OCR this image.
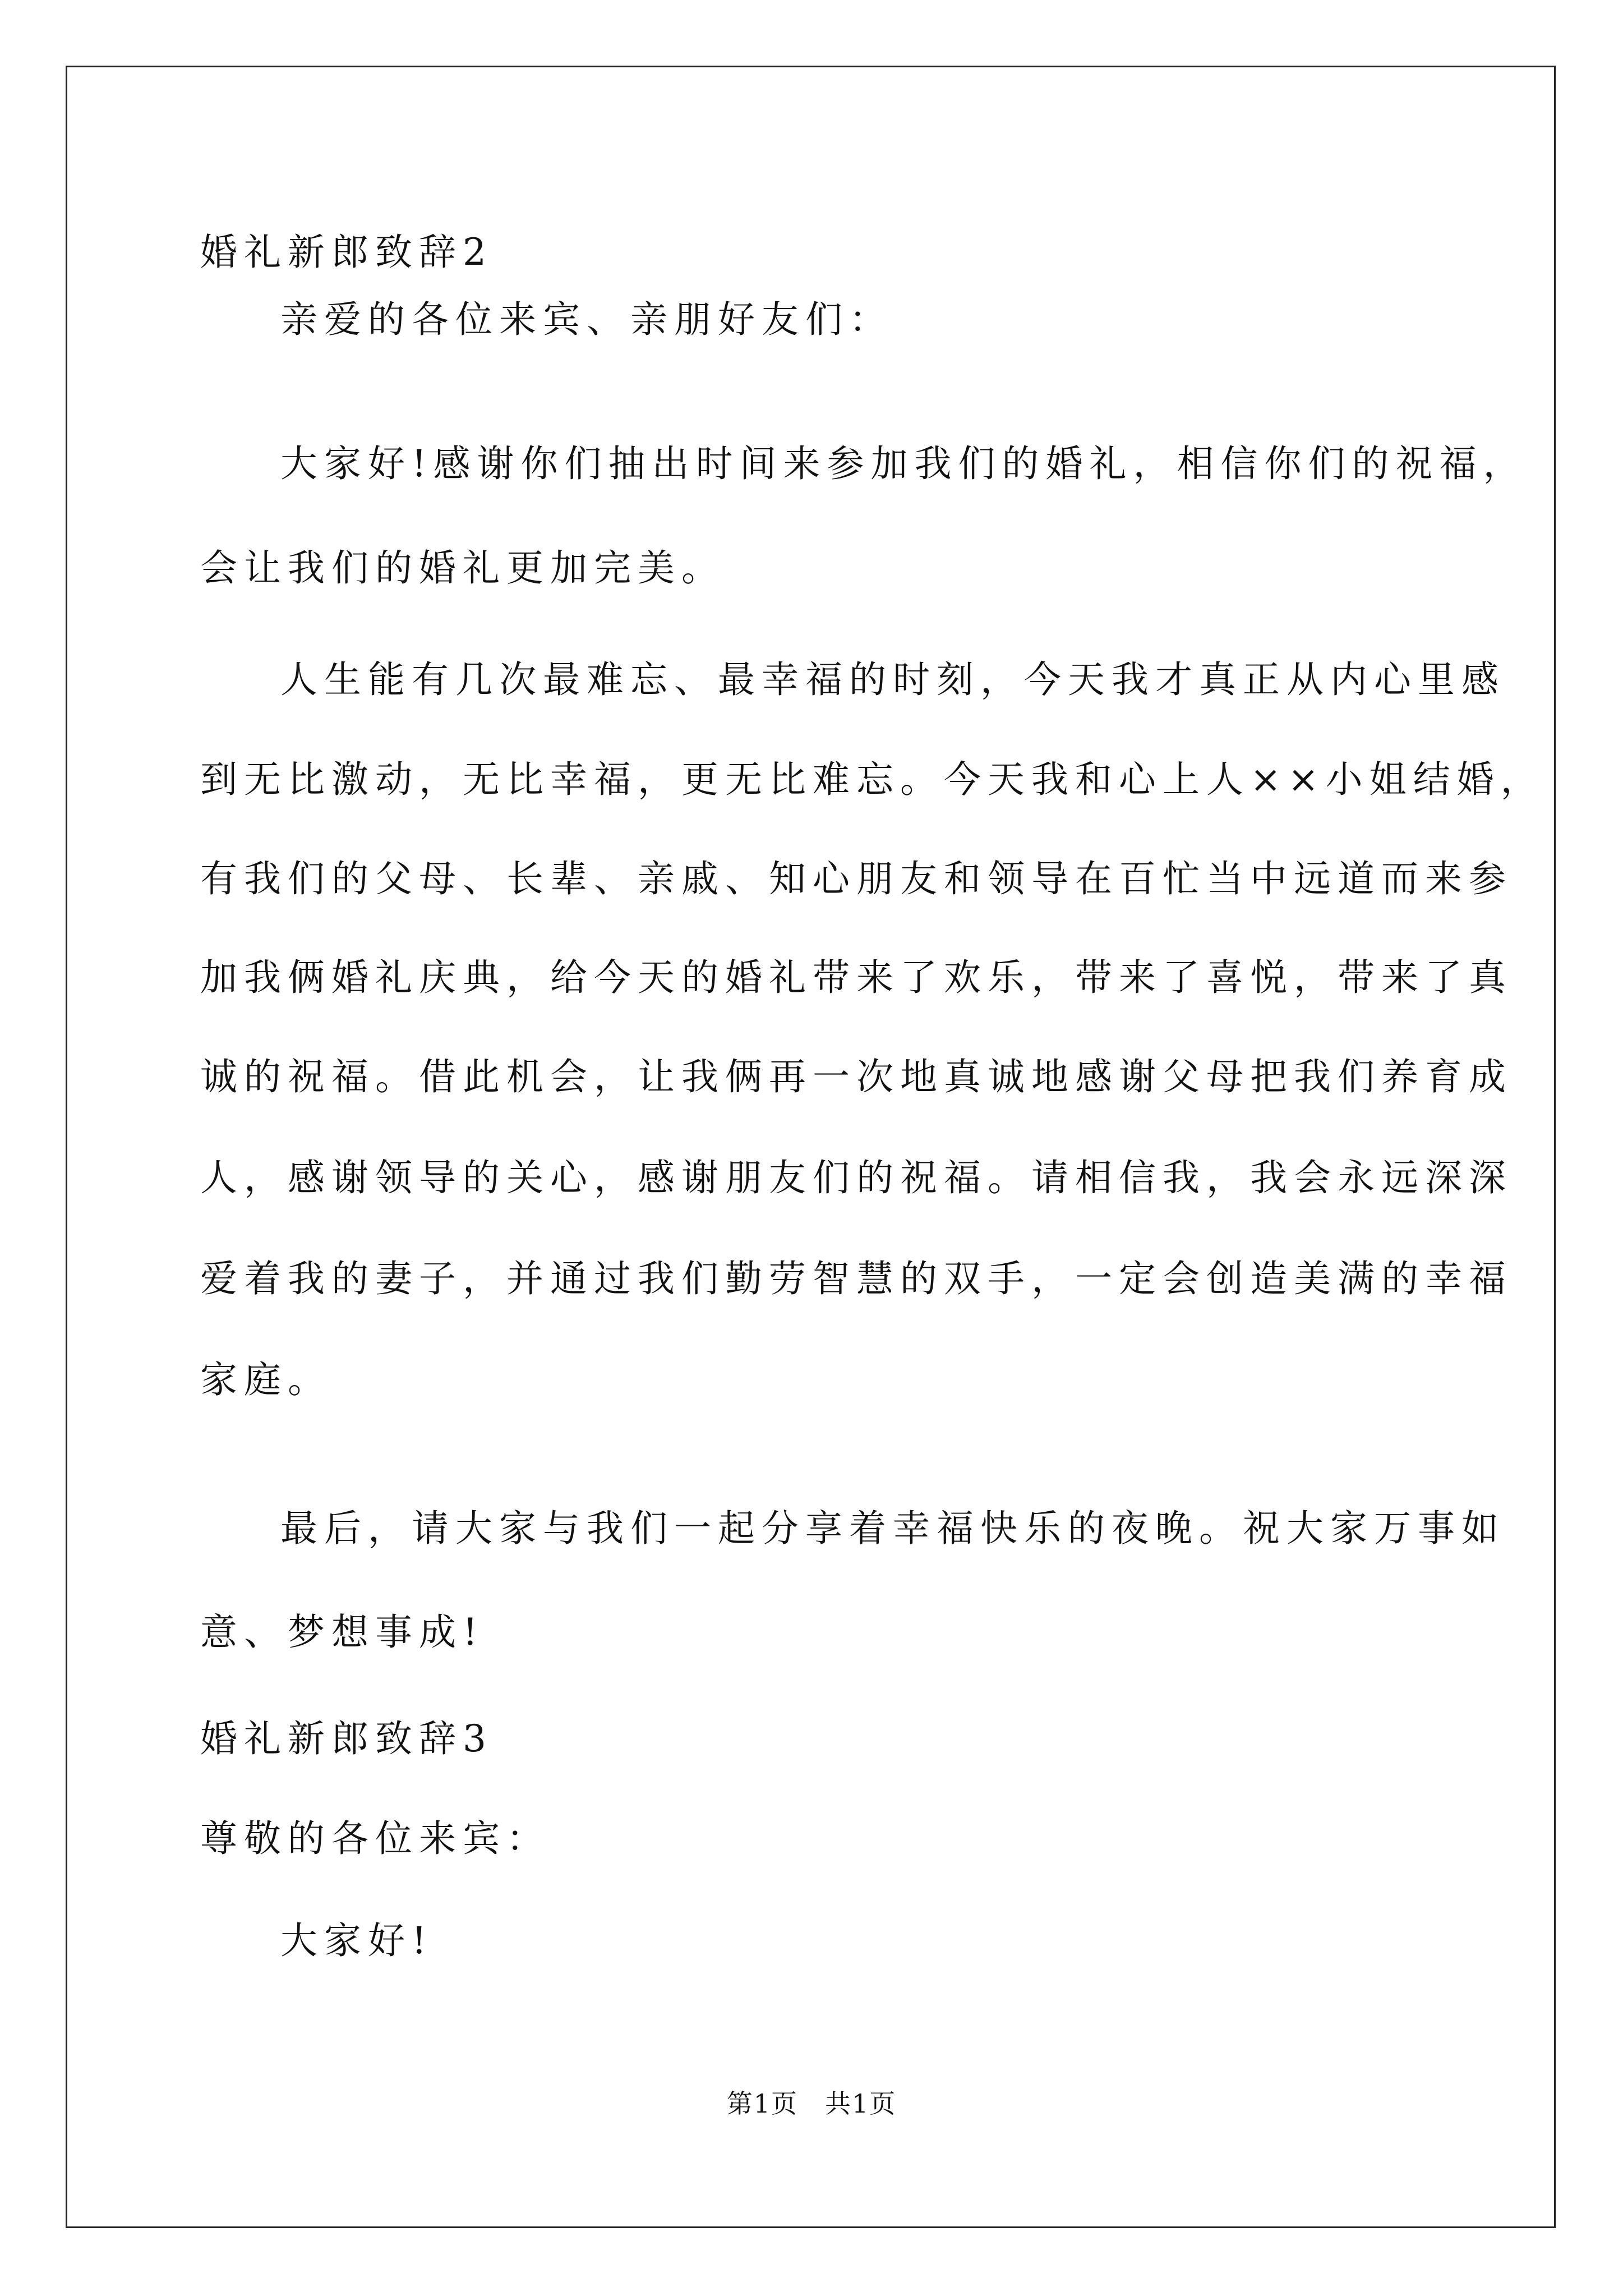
婚礼新郎致辞2
亲爱的各位来宾、亲朋好友们：
大家好!感谢你们抽出时间来参加我们的婚礼，相信你们的祝福，
会让我们的婚礼更加完美。
人生能有几次最难忘、最幸福的时刻，今天我才真正从内心里感
到无比激动，无比幸福，更无比难忘。今天我和心上人××小姐结婚，
有我们的父母、长辈、亲戚、知心朋友和领导在百忙当中远道而来参
加我俩婚礼庆典，给今天的婚礼带来了欢乐，带来了喜悦，带来了真
诚的祝福。借此机会，让我俩再一次地真诚地感谢父母把我们养育成
人，感谢领导的关心，感谢朋友们的祝福。请相信我，我会永远深深
爱着我的妻子，并通过我们勤劳智慧的双手，一定会创造美满的幸福
家庭。
最后，请大家与我们一起分享着幸福快乐的夜晚。祝大家万事如
意、梦想事成!
婚礼新郎致辞3
尊敬的各位来宾：
大家好!
第1页　共1页
